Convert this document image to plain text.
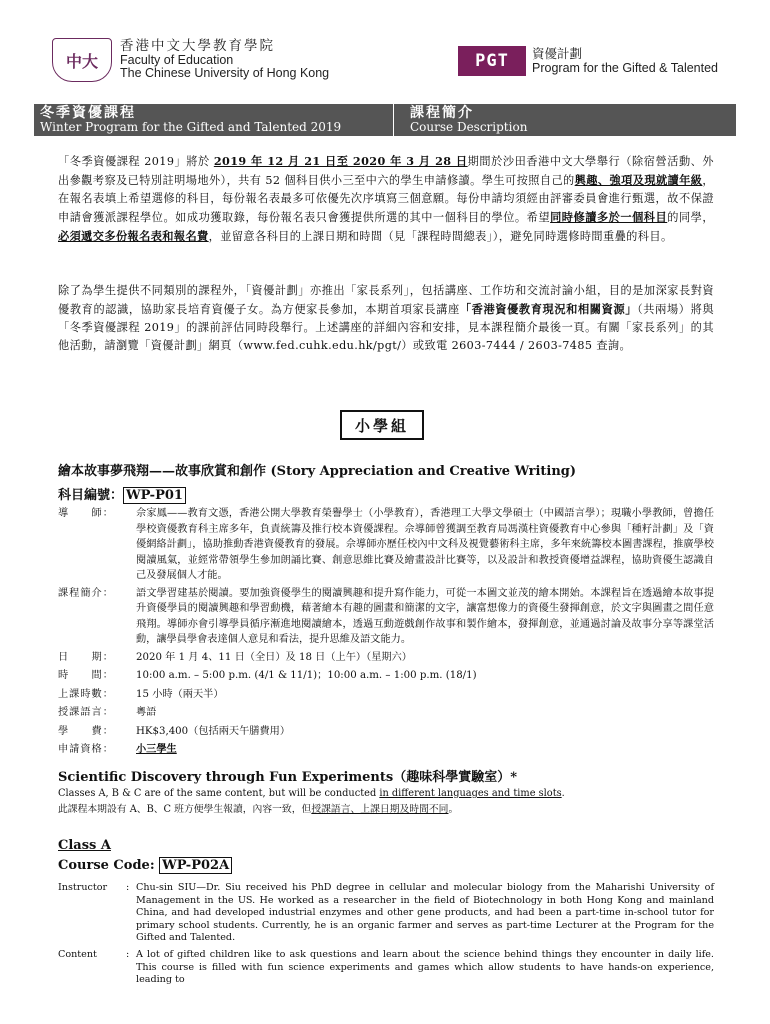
中大
香港中文大學教育學院
Faculty of Education
The Chinese University of Hong Kong
PGT	資優計劃
Program for the Gifted & Talented
冬季資優課程
Winter Program for the Gifted and Talented 2019
課程簡介
Course Description

「冬季資優課程 2019」將於 2019 年 12 月 21 日至 2020 年 3 月 28 日期間於沙田香港中文大學舉行（除宿營活動、外出參觀考察及已特別註明場地外），共有 52 個科目供小三至中六的學生申請修讀。學生可按照自己的興趣、強項及現就讀年級，在報名表填上希望選修的科目，每份報名表最多可依優先次序填寫三個意願。每份申請均須經由評審委員會進行甄選，故不保證申請會獲派課程學位。如成功獲取錄，每份報名表只會獲提供所選的其中一個科目的學位。希望同時修讀多於一個科目的同學，必須遞交多份報名表和報名費，並留意各科目的上課日期和時間（見「課程時間總表」），避免同時選修時間重疊的科目。

除了為學生提供不同類別的課程外，「資優計劃」亦推出「家長系列」，包括講座、工作坊和交流討論小組，目的是加深家長對資優教育的認識，協助家長培育資優子女。為方便家長參加，本期首項家長講座「香港資優教育現況和相關資源」（共兩場）將與「冬季資優課程 2019」的課前評估同時段舉行。上述講座的詳細內容和安排，見本課程簡介最後一頁。有關「家長系列」的其他活動，請瀏覽「資優計劃」網頁（www.fed.cuhk.edu.hk/pgt/）或致電 2603-7444 / 2603-7485 查詢。

小學組
繪本故事夢飛翔——故事欣賞和創作 (Story Appreciation and Creative Writing)
科目編號： WP-P01
導　　師：	佘家鳳——教育文憑，香港公開大學教育榮譽學士（小學教育），香港理工大學文學碩士（中國語言學）；現職小學教師，曾擔任學校資優教育科主席多年，負責統籌及推行校本資優課程。佘導師曾獲調至教育局馮漢柱資優教育中心參與「種籽計劃」及「資優網絡計劃」，協助推動香港資優教育的發展。佘導師亦歷任校內中文科及視覺藝術科主席，多年來統籌校本圖書課程，推廣學校閱讀風氣，並經常帶領學生參加朗誦比賽、創意思維比賽及繪畫設計比賽等，以及設計和教授資優增益課程，協助資優生認識自己及發展個人才能。
課程簡介：	語文學習建基於閱讀。要加強資優學生的閱讀興趣和提升寫作能力，可從一本圖文並茂的繪本開始。本課程旨在透過繪本故事提升資優學員的閱讀興趣和學習動機，藉著繪本有趣的圖畫和簡潔的文字，讓富想像力的資優生發揮創意，於文字與圖畫之間任意飛翔。導師亦會引導學員循序漸進地閱讀繪本，透過互動遊戲創作故事和製作繪本，發揮創意，並通過討論及故事分享等課堂活動，讓學員學會表達個人意見和看法，提升思維及語文能力。
日　　期：	2020 年 1 月 4、11 日（全日）及 18 日（上午）（星期六）
時　　間：	10:00 a.m. – 5:00 p.m. (4/1 & 11/1)；10:00 a.m. – 1:00 p.m. (18/1)
上課時數：	15 小時（兩天半）
授課語言：	粵語
學　　費：	HK$3,400（包括兩天午膳費用）
申請資格：	小三學生
Scientific Discovery through Fun Experiments（趣味科學實驗室）*
Classes A, B & C are of the same content, but will be conducted in different languages and time slots.
此課程本期設有 A、B、C 班方便學生報讀，內容一致，但授課語言、上課日期及時間不同。
Class A
Course Code: WP-P02A
Instructor	: Chu-sin SIU—Dr. Siu received his PhD degree in cellular and molecular biology from the Maharishi University of Management in the US. He worked as a researcher in the field of Biotechnology in both Hong Kong and mainland China, and had developed industrial enzymes and other gene products, and had been a part-time in-school tutor for primary school students. Currently, he is an organic farmer and serves as part-time Lecturer at the Program for the Gifted and Talented.
Content	: A lot of gifted children like to ask questions and learn about the science behind things they encounter in daily life. This course is filled with fun science experiments and games which allow students to have hands-on experience, leading to
